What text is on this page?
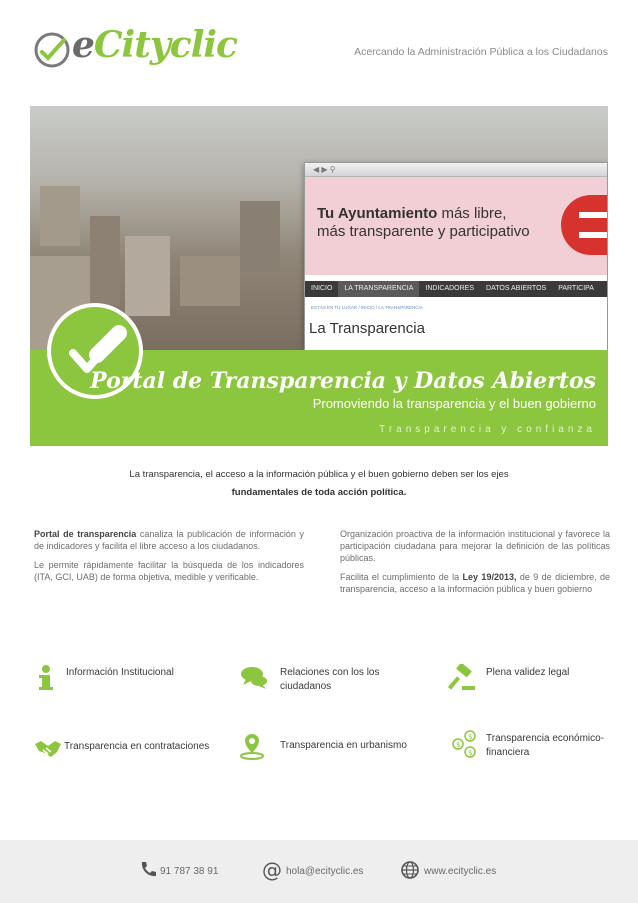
eCityclic	Acercando la Administración Pública a los Ciudadanos
◀ ▶ ⚲
Tu Ayuntamiento más libre,
más transparente y participativo
INICIO LA TRANSPARENCIA INDICADORES DATOS ABIERTOS PARTICIPA
ESTÁS EN TU LUGAR / INICIO / LA TRANSPARENCIA
La Transparencia
Portal de Transparencia y Datos Abiertos
Promoviendo la transparencia y el buen gobierno
Transparencia y confianza
La transparencia, el acceso a la información pública y el buen gobierno deben ser los ejes
fundamentales de toda acción política.

Portal de transparencia canaliza la publicación de información y de indicadores y facilita el libre acceso a los ciudadanos.

Le permite rápidamente facilitar la búsqueda de los indicadores (ITA, GCI, UAB) de forma objetiva, medible y verificable.

Organización proactiva de la información institucional y favorece la participación ciudadana para mejorar la definición de las políticas públicas.

Facilita el cumplimiento de la Ley 19/2013, de 9 de diciembre, de transparencia, acceso a la información pública y buen gobierno

Información Institucional	Relaciones con los los ciudadanos
Plena validez legal
Transparencia en contrataciones	Transparencia en urbanismo
$
$
$
Transparencia económico-financiera
91 787 38 91 @ hola@ecityclic.es	www.ecityclic.es
